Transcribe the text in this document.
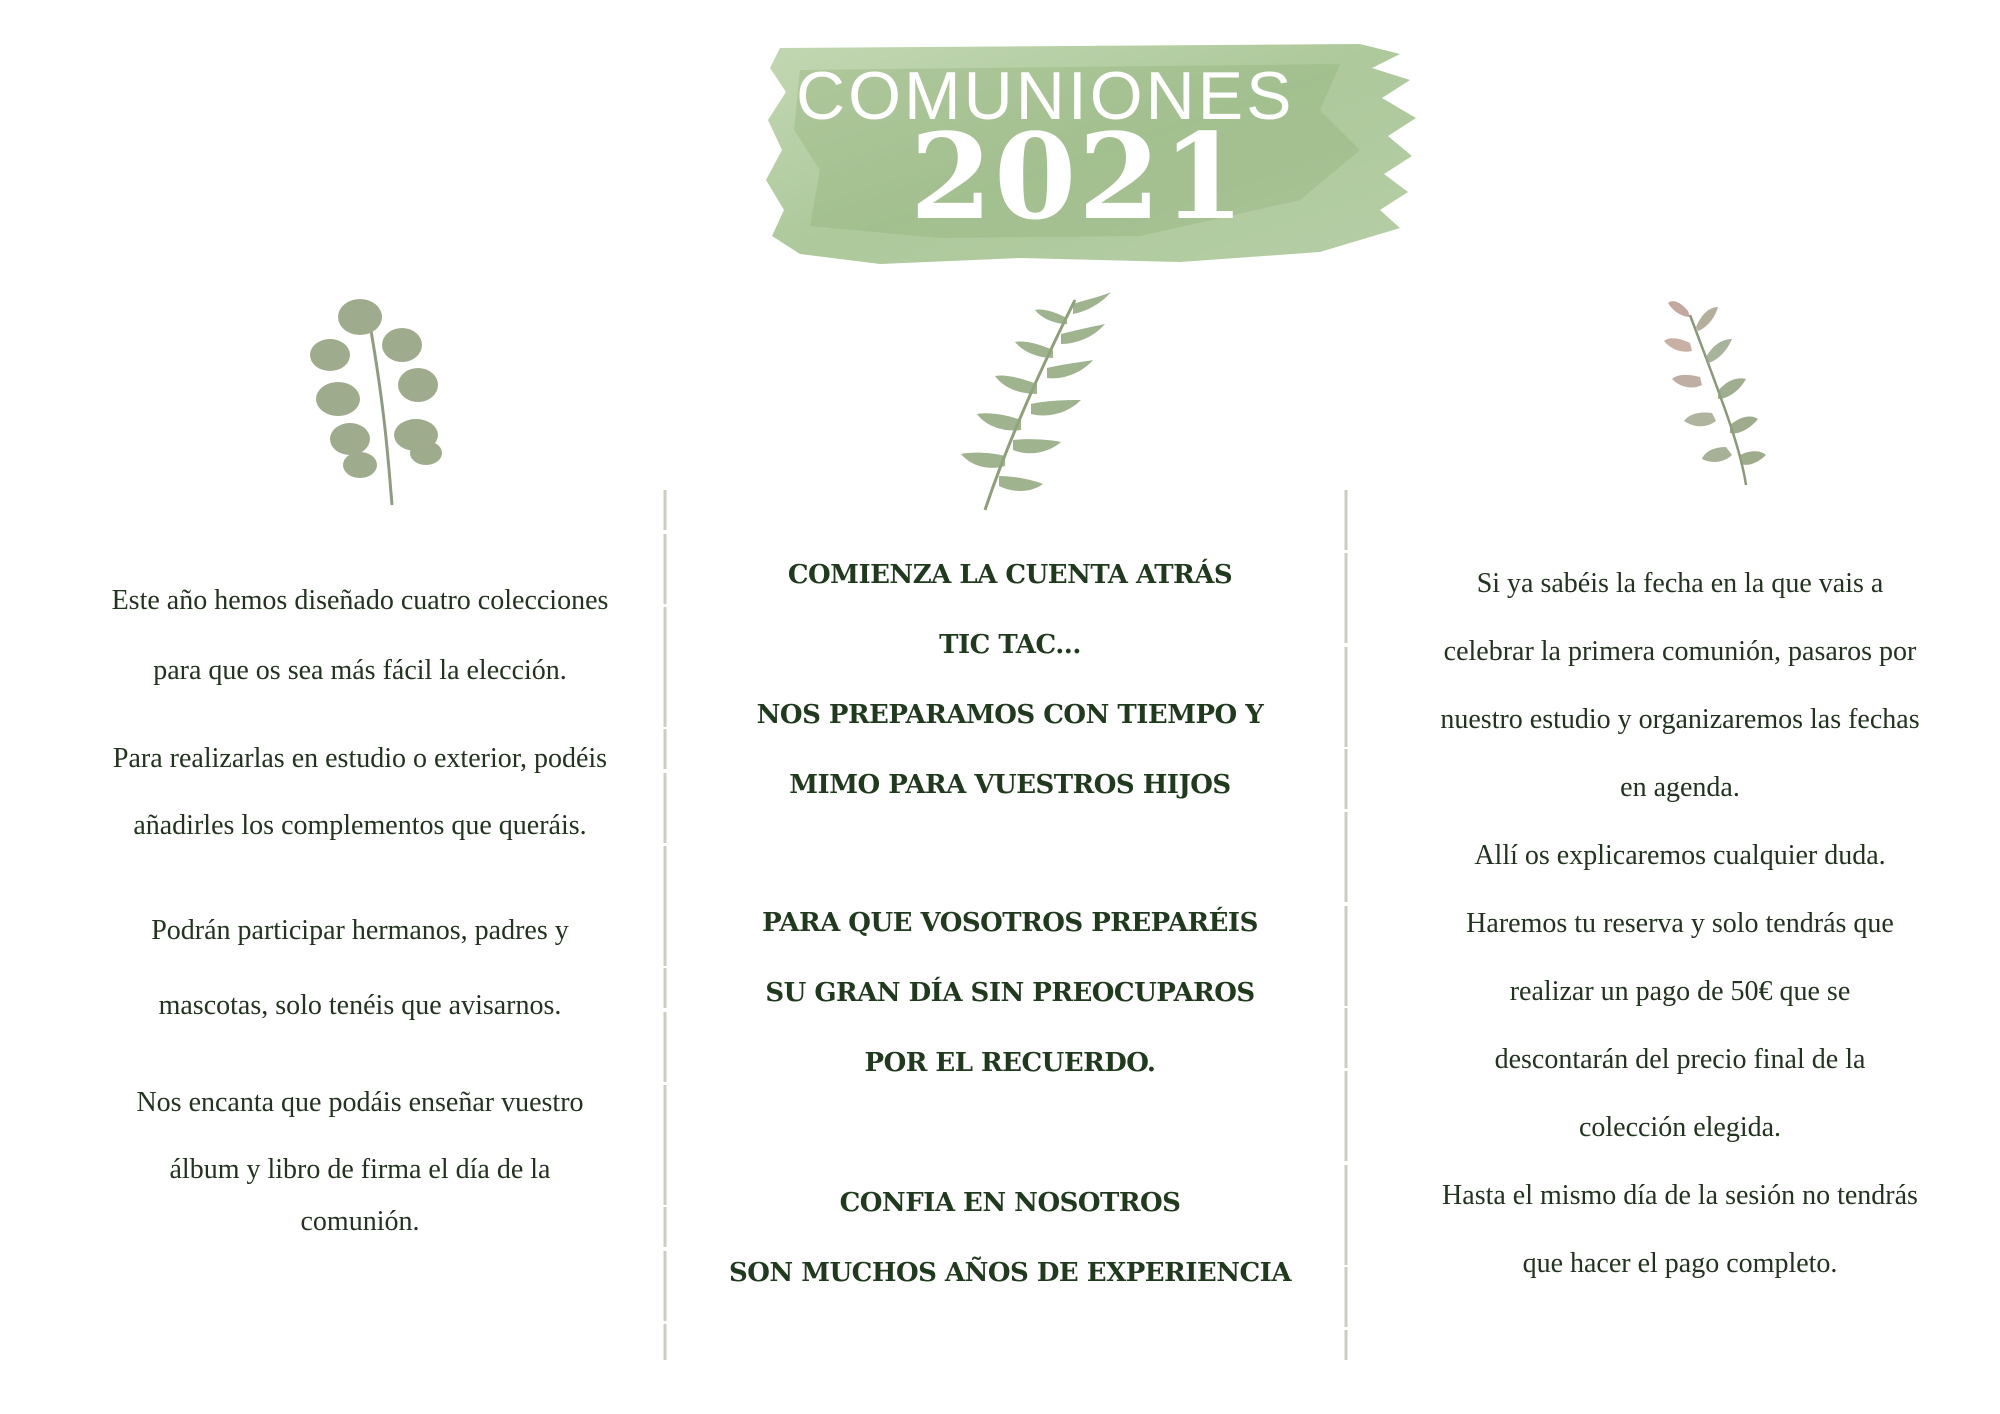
COMUNIONES
2021
Este año hemos diseñado cuatro colecciones
para que os sea más fácil la elección.
Para realizarlas en estudio o exterior, podéis
añadirles los complementos que queráis.
Podrán participar hermanos, padres y
mascotas, solo tenéis que avisarnos.
Nos encanta que podáis enseñar vuestro
álbum y libro de firma el día de la
comunión.
COMIENZA LA CUENTA ATRÁS
TIC TAC...
NOS PREPARAMOS CON TIEMPO Y
MIMO PARA VUESTROS HIJOS
PARA QUE VOSOTROS PREPARÉIS
SU GRAN DÍA SIN PREOCUPAROS
POR EL RECUERDO.
CONFIA EN NOSOTROS
SON MUCHOS AÑOS DE EXPERIENCIA
Si ya sabéis la fecha en la que vais a
celebrar la primera comunión, pasaros por
nuestro estudio y organizaremos las fechas
en agenda.
Allí os explicaremos cualquier duda.
Haremos tu reserva y solo tendrás que
realizar un pago de 50€ que se
descontarán del precio final de la
colección elegida.
Hasta el mismo día de la sesión no tendrás
que hacer el pago completo.
